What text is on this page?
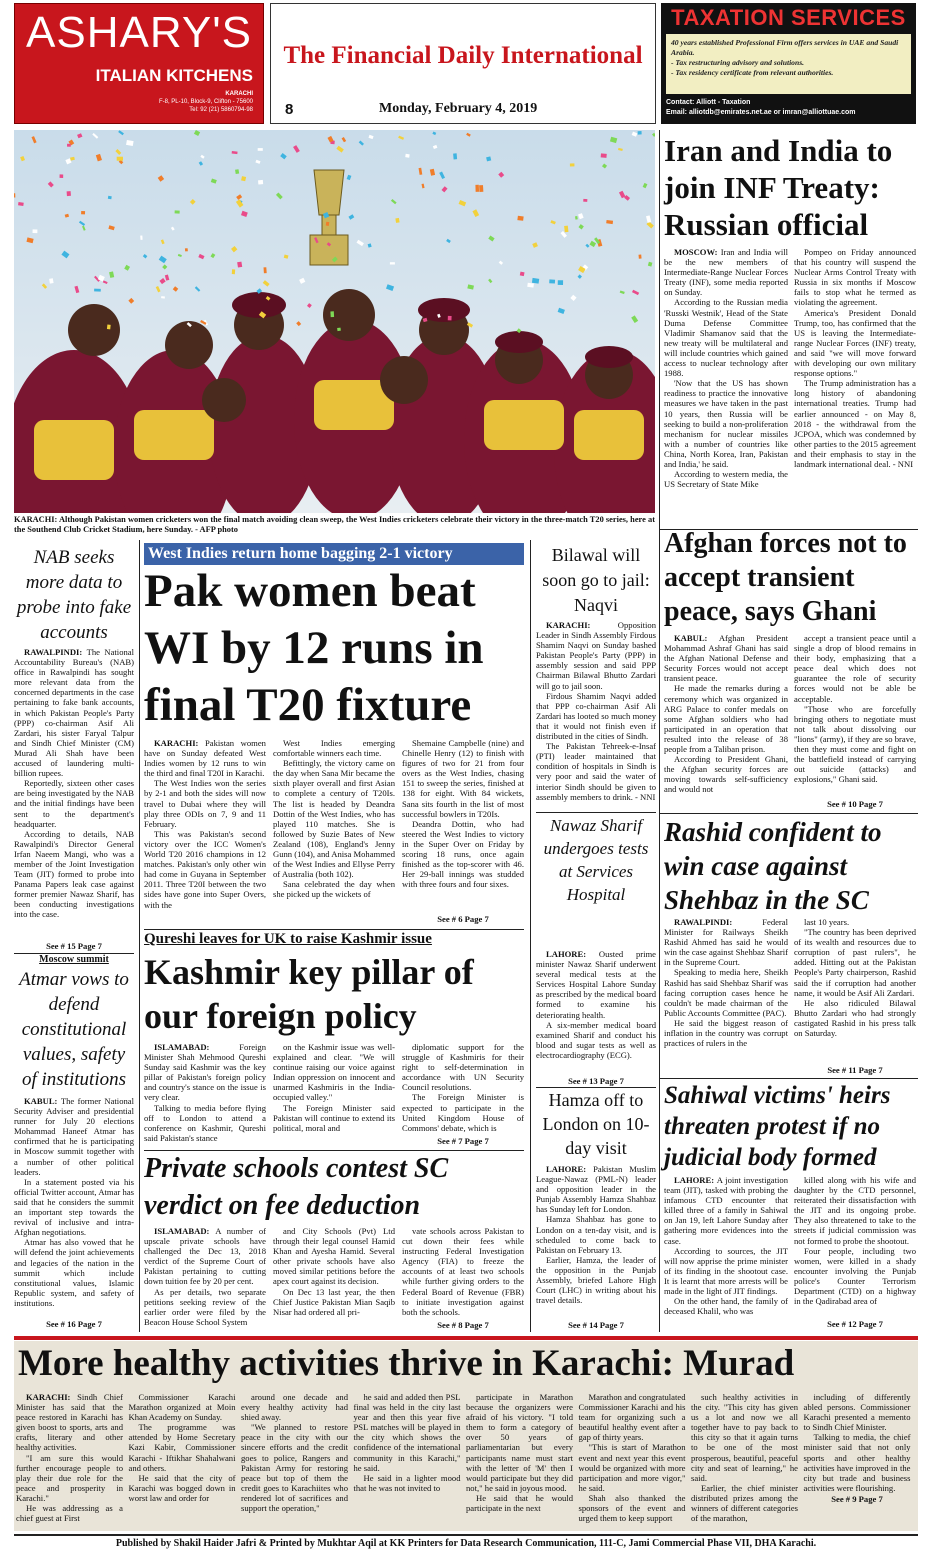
ASHARY'S
ITALIAN KITCHENS
KARACHI
F-8, PL-10, Block-9, Clifton - 75600
Tel: 92 (21) 5860794-98
The Financial Daily International
8	Monday, February 4, 2019
TAXATION SERVICES
40 years established Professional Firm offers services in UAE and Saudi Arabia.
- Tax restructuring advisory and solutions.
- Tax residency certificate from relevant authorities.
Contact: Alliott - Taxation
Email: alliotdb@emirates.net.ae or imran@alliottuae.com
KARACHI: Although Pakistan women cricketers won the final match avoiding clean sweep, the West Indies cricketers celebrate their victory in the three-match T20 series, here at the Southend Club Cricket Stadium, here Sunday. - AFP photo
Iran and India to join INF Treaty: Russian official

MOSCOW: Iran and India will be the new members of Intermediate-Range Nuclear Forces Treaty (INF), some media reported on Sunday.

According to the Russian media 'Russki Westnik', Head of the State Duma Defense Committee Vladimir Shamanov said that the new treaty will be multilateral and will include countries which gained access to nuclear technology after 1988.

'Now that the US has shown readiness to practice the innovative measures we have taken in the past 10 years, then Russia will be seeking to build a non-proliferation mechanism for nuclear missiles with a number of countries like China, North Korea, Iran, Pakistan and India,' he said.

According to western media, the US Secretary of State Mike

Pompeo on Friday announced that his country will suspend the Nuclear Arms Control Treaty with Russia in six months if Moscow fails to stop what he termed as violating the agreement.

America's President Donald Trump, too, has confirmed that the US is leaving the Intermediate-range Nuclear Forces (INF) treaty, and said "we will move forward with developing our own military response options."

The Trump administration has a long history of abandoning international treaties. Trump had earlier announced - on May 8, 2018 - the withdrawal from the JCPOA, which was condemned by other parties to the 2015 agreement and their emphasis to stay in the landmark international deal. - NNI

Afghan forces not to accept transient peace, says Ghani

KABUL: Afghan President Mohammad Ashraf Ghani has said the Afghan National Defense and Security Forces would not accept transient peace.

He made the remarks during a ceremony which was organized in ARG Palace to confer medals on some Afghan soldiers who had participated in an operation that resulted into the release of 38 people from a Taliban prison.

According to President Ghani, the Afghan security forces are moving towards self-sufficiency and would not

accept a transient peace until a single a drop of blood remains in their body, emphasizing that a peace deal which does not guarantee the role of security forces would not be able be acceptable.

"Those who are forcefully bringing others to negotiate must not talk about dissolving our "lions" (army), if they are so brave, then they must come and fight on the battlefield instead of carrying out suicide (attacks) and explosions," Ghani said.

See # 10 Page 7
Rashid confident to win case against Shehbaz in the SC

RAWALPINDI: Federal Minister for Railways Sheikh Rashid Ahmed has said he would win the case against Shehbaz Sharif in the Supreme Court.

Speaking to media here, Sheikh Rashid has said Shehbaz Sharif was facing corruption cases hence he couldn't be made chairman of the Public Accounts Committee (PAC).

He said the biggest reason of inflation in the country was corrupt practices of rulers in the

last 10 years.

"The country has been deprived of its wealth and resources due to corruption of past rulers", he added. Hitting out at the Pakistan People's Party chairperson, Rashid said the if corruption had another name, it would be Asif Ali Zardari.

He also ridiculed Bilawal Bhutto Zardari who had strongly castigated Rashid in his press talk on Saturday.

See # 11 Page 7
Sahiwal victims' heirs threaten protest if no judicial body formed

LAHORE: A joint investigation team (JIT), tasked with probing the infamous CTD encounter that killed three of a family in Sahiwal on Jan 19, left Lahore Sunday after gathering more evidences into the case.

According to sources, the JIT will now apprise the prime minister of its finding in the shootout case. It is learnt that more arrests will be made in the light of JIT findings.

On the other hand, the family of deceased Khalil, who was

killed along with his wife and daughter by the CTD personnel, reiterated their dissatisfaction with the JIT and its ongoing probe. They also threatened to take to the streets if judicial commission was not formed to probe the shootout.

Four people, including two women, were killed in a shady encounter involving the Punjab police's Counter Terrorism Department (CTD) on a highway in the Qadirabad area of

See # 12 Page 7
NAB seeks more data to probe into fake accounts

RAWALPINDI: The National Accountability Bureau's (NAB) office in Rawalpindi has sought more relevant data from the concerned departments in the case pertaining to fake bank accounts, in which Pakistan People's Party (PPP) co-chairman Asif Ali Zardari, his sister Faryal Talpur and Sindh Chief Minister (CM) Murad Ali Shah have been accused of laundering multi-billion rupees.

Reportedly, sixteen other cases are being investigated by the NAB and the initial findings have been sent to the department's headquarter.

According to details, NAB Rawalpindi's Director General Irfan Naeem Mangi, who was a member of the Joint Investigation Team (JIT) formed to probe into Panama Papers leak case against former premier Nawaz Sharif, has been conducting investigations into the case.

See # 15 Page 7
Moscow summit
Atmar vows to defend constitutional values, safety of institutions

KABUL: The former National Security Adviser and presidential runner for July 20 elections Mohammad Haneef Atmar has confirmed that he is participating in Moscow summit together with a number of other political leaders.

In a statement posted via his official Twitter account, Atmar has said that he considers the summit an important step towards the revival of inclusive and intra-Afghan negotiations.

Atmar has also vowed that he will defend the joint achievements and legacies of the nation in the summit which include constitutional values, Islamic Republic system, and safety of institutions.

See # 16 Page 7
West Indies return home bagging 2-1 victory
Pak women beat WI by 12 runs in final T20 fixture

KARACHI: Pakistan women have on Sunday defeated West Indies women by 12 runs to win the third and final T20I in Karachi.

The West Indies won the series by 2-1 and both the sides will now travel to Dubai where they will play three ODIs on 7, 9 and 11 February.

This was Pakistan's second victory over the ICC Women's World T20 2016 champions in 12 matches. Pakistan's only other win had come in Guyana in September 2011. Three T20I between the two sides have gone into Super Overs, with the

West Indies emerging comfortable winners each time.

Befittingly, the victory came on the day when Sana Mir became the sixth player overall and first Asian to complete a century of T20Is. The list is headed by Deandra Dottin of the West Indies, who has played 110 matches. She is followed by Suzie Bates of New Zealand (108), England's Jenny Gunn (104), and Anisa Mohammed of the West Indies and Ellyse Perry of Australia (both 102).

Sana celebrated the day when she picked up the wickets of

Shemaine Campbelle (nine) and Chinelle Henry (12) to finish with figures of two for 21 from four overs as the West Indies, chasing 151 to sweep the series, finished at 138 for eight. With 84 wickets, Sana sits fourth in the list of most successful bowlers in T20Is.

Deandra Dottin, who had steered the West Indies to victory in the Super Over on Friday by scoring 18 runs, once again finished as the top-scorer with 46. Her 29-ball innings was studded with three fours and four sixes.

See # 6 Page 7
Qureshi leaves for UK to raise Kashmir issue
Kashmir key pillar of our foreign policy

ISLAMABAD: Foreign Minister Shah Mehmood Qureshi Sunday said Kashmir was the key pillar of Pakistan's foreign policy and country's stance on the issue is very clear.

Talking to media before flying off to London to attend a conference on Kashmir, Qureshi said Pakistan's stance

on the Kashmir issue was well-explained and clear. "We will continue raising our voice against Indian oppression on innocent and unarmed Kashmiris in the India-occupied valley."

The Foreign Minister said Pakistan will continue to extend its political, moral and

diplomatic support for the struggle of Kashmiris for their right to self-determination in accordance with UN Security Council resolutions.

The Foreign Minister is expected to participate in the United Kingdom House of Commons' debate, which is

See # 7 Page 7
Private schools contest SC verdict on fee deduction

ISLAMABAD: A number of upscale private schools have challenged the Dec 13, 2018 verdict of the Supreme Court of Pakistan pertaining to cutting down tuition fee by 20 per cent.

As per details, two separate petitions seeking review of the earlier order were filed by the Beacon House School System

and City Schools (Pvt) Ltd through their legal counsel Hamid Khan and Ayesha Hamid. Several other private schools have also moved similar petitions before the apex court against its decision.

On Dec 13 last year, the then Chief Justice Pakistan Mian Saqib Nisar had ordered all pri-

vate schools across Pakistan to cut down their fees while instructing Federal Investigation Agency (FIA) to freeze the accounts of at least two schools while further giving orders to the Federal Board of Revenue (FBR) to initiate investigation against both the schools.

See # 8 Page 7
Bilawal will soon go to jail: Naqvi

KARACHI: Opposition Leader in Sindh Assembly Firdous Shamim Naqvi on Sunday bashed Pakistan People's Party (PPP) in assembly session and said PPP Chairman Bilawal Bhutto Zardari will go to jail soon.

Firdous Shamim Naqvi added that PPP co-chairman Asif Ali Zardari has looted so much money that it would not finish even if distributed in the cities of Sindh.

The Pakistan Tehreek-e-Insaf (PTI) leader maintained that condition of hospitals in Sindh is very poor and said the water of interior Sindh should be given to assembly members to drink. - NNI

Nawaz Sharif undergoes tests at Services Hospital

LAHORE: Ousted prime minister Nawaz Sharif underwent several medical tests at the Services Hospital Lahore Sunday as prescribed by the medical board formed to examine his deteriorating health.

A six-member medical board examined Sharif and conduct his blood and sugar tests as well as electrocardiography (ECG).

See # 13 Page 7
Hamza off to London on 10-day visit

LAHORE: Pakistan Muslim League-Nawaz (PML-N) leader and opposition leader in the Punjab Assembly Hamza Shahbaz has Sunday left for London.

Hamza Shahbaz has gone to London on a ten-day visit, and is scheduled to come back to Pakistan on February 13.

Earlier, Hamza, the leader of the opposition in the Punjab Assembly, briefed Lahore High Court (LHC) in writing about his travel details.

See # 14 Page 7
More healthy activities thrive in Karachi: Murad

KARACHI: Sindh Chief Minister has said that the peace restored in Karachi has given boost to sports, arts and crafts, literary and other healthy activities.

"I am sure this would further encourage people to play their due role for the peace and prosperity in Karachi."

He was addressing as a chief guest at First

Commissioner Karachi Marathon organized at Moin Khan Academy on Sunday.

The programme was attended by Home Secretary Kazi Kabir, Commissioner Karachi - Iftikhar Shahalwani and others.

He said that the city of Karachi was bogged down in worst law and order for

around one decade and every healthy activity had shied away.

"We planned to restore peace in the city with our sincere efforts and the credit goes to police, Rangers and Pakistan Army for restoring peace but top of them the credit goes to Karachiites who rendered lot of sacrifices and support the operation,"

he said and added then PSL final was held in the city last year and then this year five PSL matches will be played in the city which shows the confidence of the international community in this Karachi," he said.

He said in a lighter mood that he was not invited to

participate in Marathon because the organizers were afraid of his victory. "I told them to form a category of over 50 years of parliamentarian but every participants name must start with the letter of 'M' then I would participate but they did not," he said in joyous mood.

He said that he would participate in the next

Marathon and congratulated Commissioner Karachi and his team for organizing such a beautiful healthy event after a gap of thirty years.

"This is start of Marathon event and next year this event would be organized with more participation and more vigor," he said.

Shah also thanked the sponsors of the event and urged them to keep support

such healthy activities in the city. "This city has given us a lot and now we all together have to pay back to this city so that it again turns to be one of the most prosperous, beautiful, peaceful city and seat of learning," he said.

Earlier, the chief minister distributed prizes among the winners of different categories of the marathon,

including of differently abled persons. Commissioner Karachi presented a memento to Sindh Chief Minister.

Talking to media, the chief minister said that not only sports and other healthy activities have improved in the city but trade and business activities were flourishing.

See # 9 Page 7
Published by Shakil Haider Jafri & Printed by Mukhtar Aqil at KK Printers for Data Research Communication, 111-C, Jami Commercial Phase VII, DHA Karachi.
